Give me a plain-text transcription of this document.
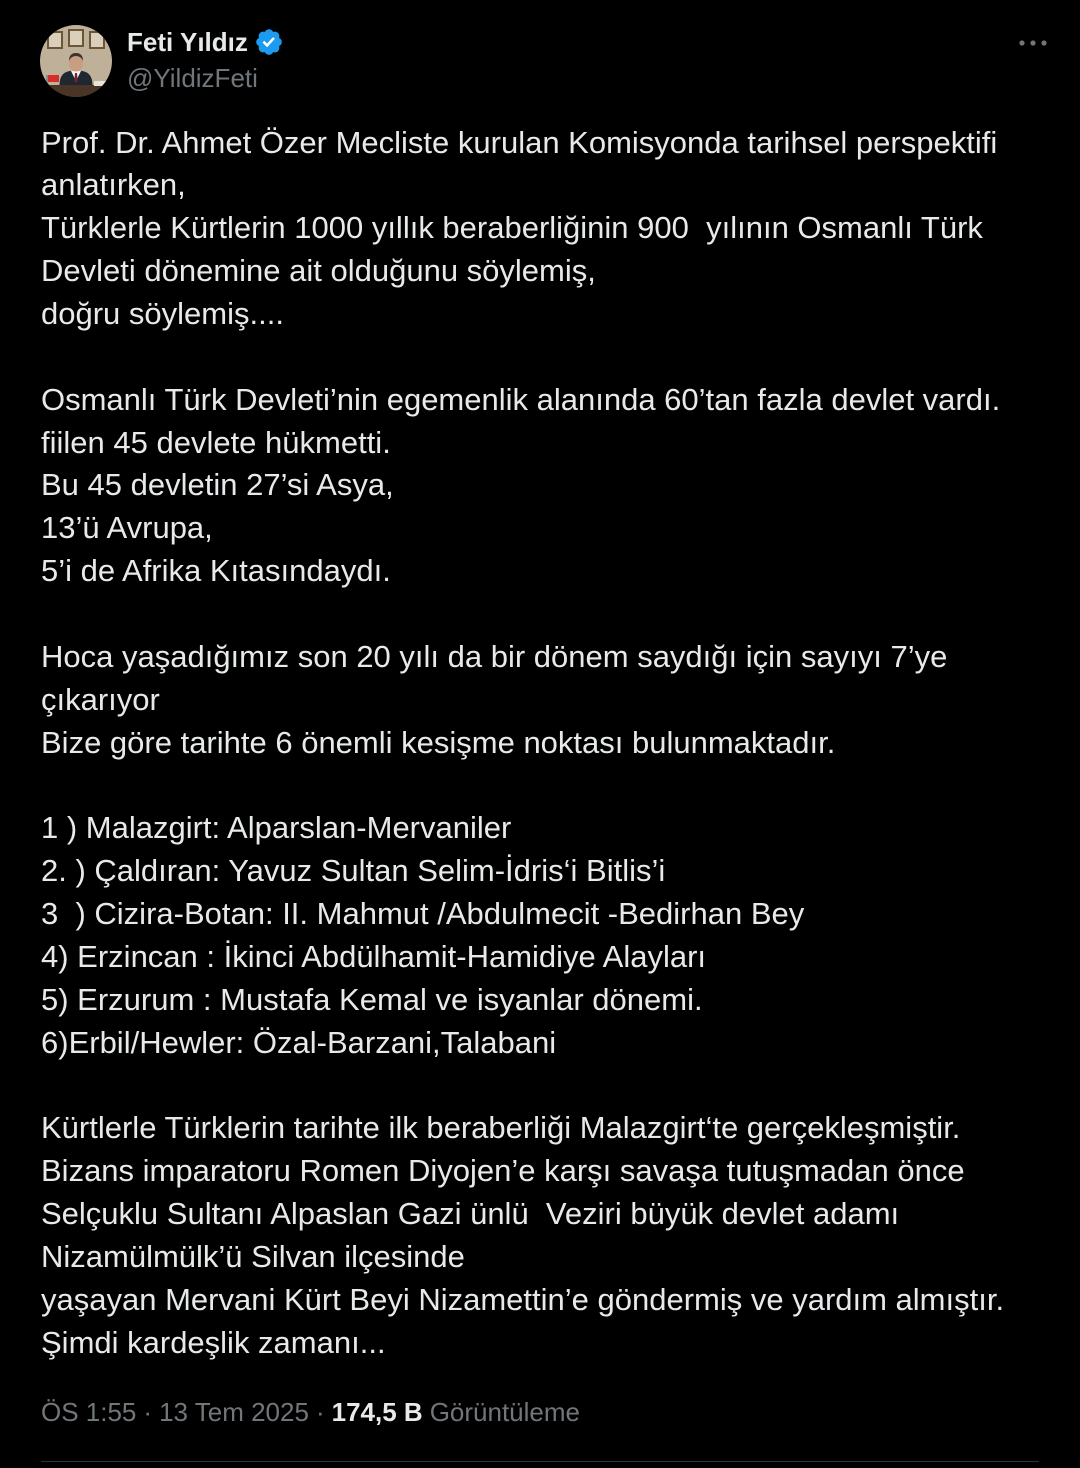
Feti Yıldız
@YildizFeti
Prof. Dr. Ahmet Özer Mecliste kurulan Komisyonda tarihsel perspektifi
anlatırken,
Türklerle Kürtlerin 1000 yıllık beraberliğinin 900  yılının Osmanlı Türk
Devleti dönemine ait olduğunu söylemiş,
doğru söylemiş....
Osmanlı Türk Devleti’nin egemenlik alanında 60’tan fazla devlet vardı.
fiilen 45 devlete hükmetti.
Bu 45 devletin 27’si Asya,
13’ü Avrupa,
5’i de Afrika Kıtasındaydı.
Hoca yaşadığımız son 20 yılı da bir dönem saydığı için sayıyı 7’ye
çıkarıyor
Bize göre tarihte 6 önemli kesişme noktası bulunmaktadır.
1 ) Malazgirt: Alparslan-Mervaniler
2. ) Çaldıran: Yavuz Sultan Selim-İdris‘i Bitlis’i
3  ) Cizira-Botan: II. Mahmut /Abdulmecit -Bedirhan Bey
4) Erzincan : İkinci Abdülhamit-Hamidiye Alayları
5) Erzurum : Mustafa Kemal ve isyanlar dönemi.
6)Erbil/Hewler: Özal-Barzani,Talabani
Kürtlerle Türklerin tarihte ilk beraberliği Malazgirt‘te gerçekleşmiştir.
Bizans imparatoru Romen Diyojen’e karşı savaşa tutuşmadan önce
Selçuklu Sultanı Alpaslan Gazi ünlü  Veziri büyük devlet adamı
Nizamülmülk’ü Silvan ilçesinde
yaşayan Mervani Kürt Beyi Nizamettin’e göndermiş ve yardım almıştır.
Şimdi kardeşlik zamanı...
ÖS 1:55 · 13 Tem 2025 · 174,5 B Görüntüleme
